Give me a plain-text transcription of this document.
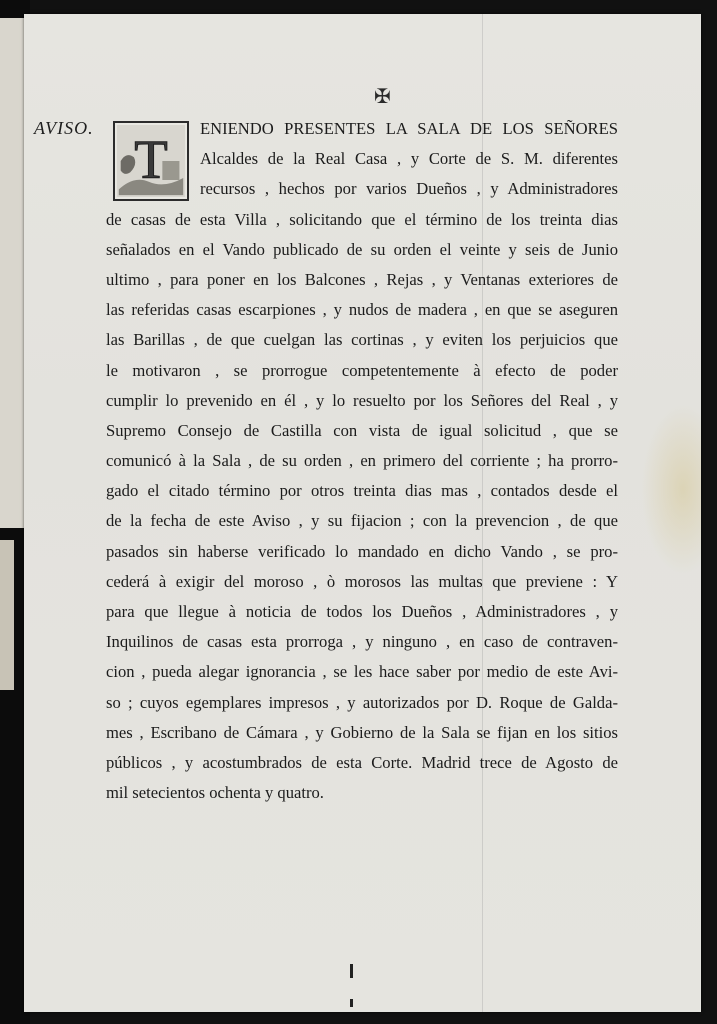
✠
AVISO.
T
ENIENDO PRESENTES LA SALA DE LOS SEÑORES
Alcaldes de la Real Casa , y Corte de S. M. diferentes
recursos , hechos por varios Dueños , y Administradores
de casas de esta Villa , solicitando que el término de los treinta dias
señalados en el Vando publicado de su orden el veinte y seis de Junio
ultimo , para poner en los Balcones , Rejas , y Ventanas exteriores de
las referidas casas escarpiones , y nudos de madera , en que se aseguren
las Barillas , de que cuelgan las cortinas , y eviten los perjuicios que
le motivaron , se prorrogue competentemente à efecto de poder
cumplir lo prevenido en él , y lo resuelto por los Señores del Real , y
Supremo Consejo de Castilla con vista de igual solicitud , que se
comunicó à la Sala , de su orden , en primero del corriente ; ha prorro-
gado el citado término por otros treinta dias mas , contados desde el
de la fecha de este Aviso , y su fijacion ; con la prevencion , de que
pasados sin haberse verificado lo mandado en dicho Vando , se pro-
cederá à exigir del moroso , ò morosos las multas que previene : Y
para que llegue à noticia de todos los Dueños , Administradores , y
Inquilinos de casas esta prorroga , y ninguno , en caso de contraven-
cion , pueda alegar ignorancia , se les hace saber por medio de este Avi-
so ; cuyos egemplares impresos , y autorizados por D. Roque de Galda-
mes , Escribano de Cámara , y Gobierno de la Sala se fijan en los sitios
públicos , y acostumbrados de esta Corte. Madrid trece de Agosto de
mil setecientos ochenta y quatro.
